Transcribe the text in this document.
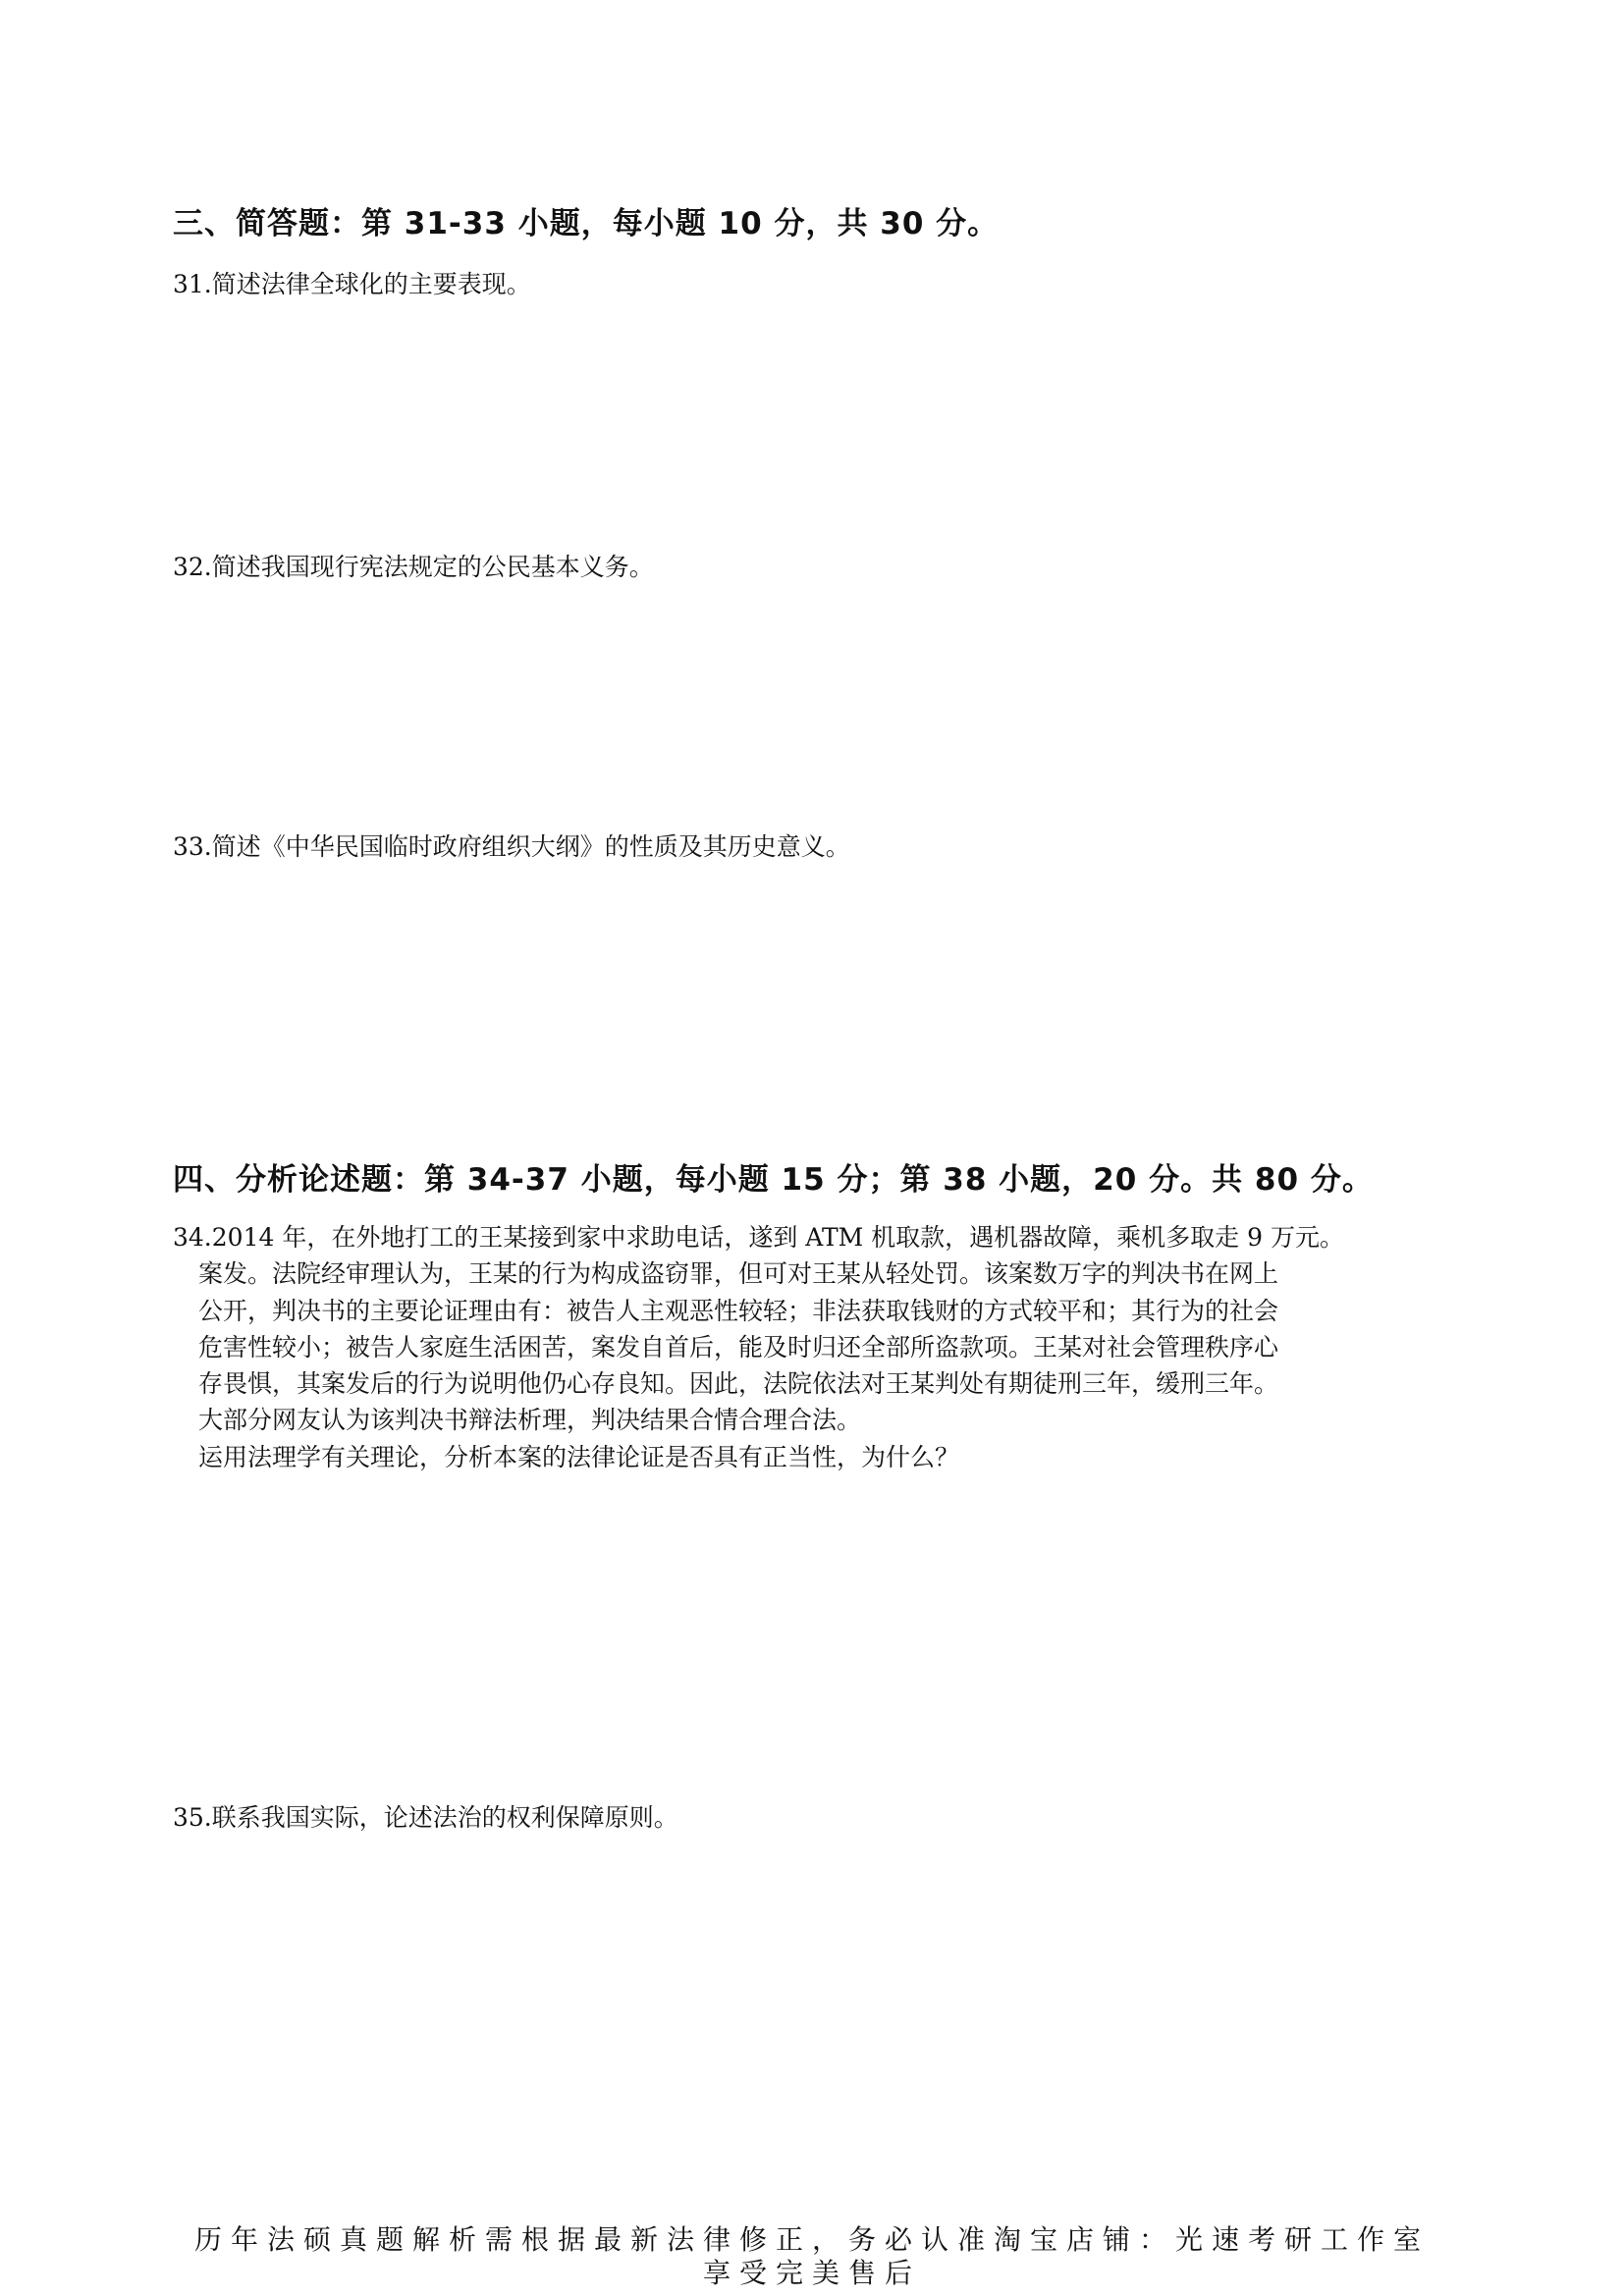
三、简答题：第 31-33 小题，每小题 10 分，共 30 分。
31.简述法律全球化的主要表现。
32.简述我国现行宪法规定的公民基本义务。
33.简述《中华民国临时政府组织大纲》的性质及其历史意义。
四、分析论述题：第 34-37 小题，每小题 15 分；第 38 小题，20 分。共 80 分。
34.2014 年，在外地打工的王某接到家中求助电话，遂到 ATM 机取款，遇机器故障，乘机多取走 9 万元。
案发。法院经审理认为，王某的行为构成盗窃罪，但可对王某从轻处罚。该案数万字的判决书在网上
公开，判决书的主要论证理由有：被告人主观恶性较轻；非法获取钱财的方式较平和；其行为的社会
危害性较小；被告人家庭生活困苦，案发自首后，能及时归还全部所盗款项。王某对社会管理秩序心
存畏惧，其案发后的行为说明他仍心存良知。因此，法院依法对王某判处有期徒刑三年，缓刑三年。
大部分网友认为该判决书辩法析理，判决结果合情合理合法。
运用法理学有关理论，分析本案的法律论证是否具有正当性，为什么？
35.联系我国实际，论述法治的权利保障原则。
历年法硕真题解析需根据最新法律修正，务必认准淘宝店铺：光速考研工作室
享受完美售后
